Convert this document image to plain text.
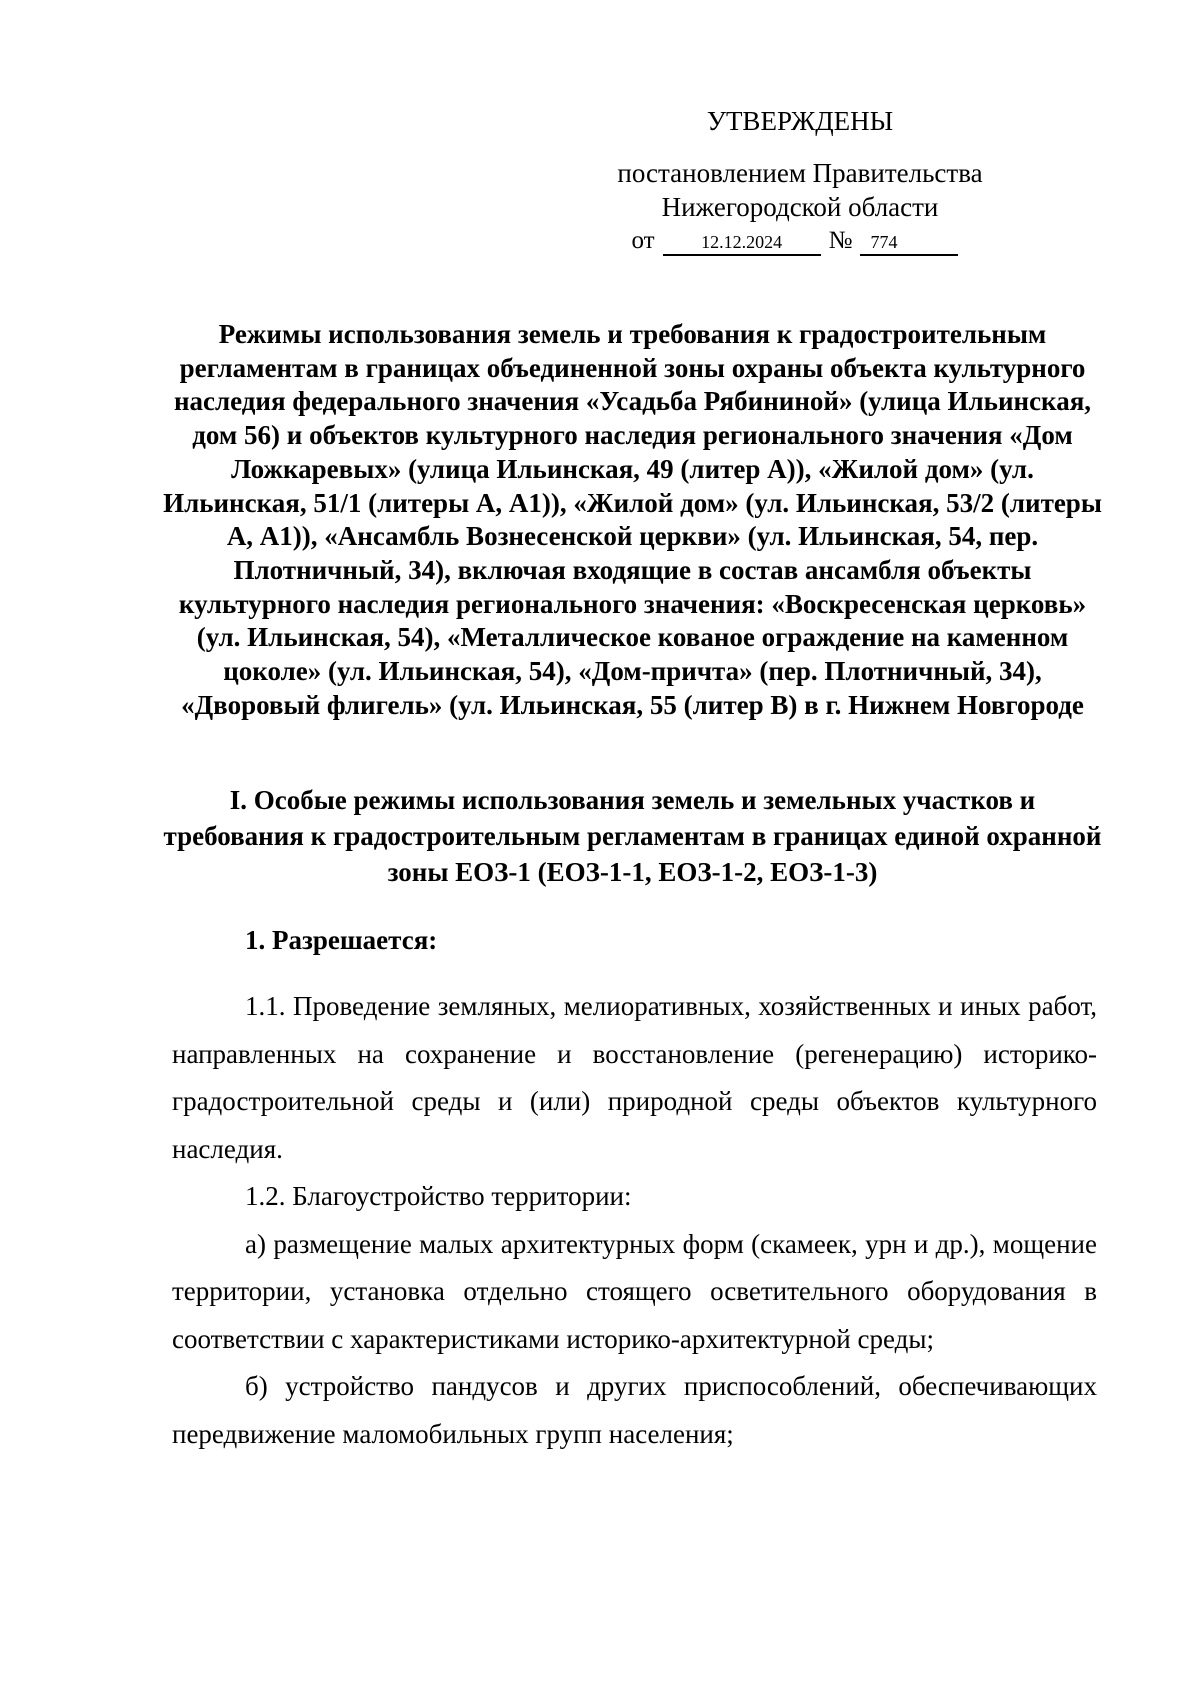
УТВЕРЖДЕНЫ
постановлением Правительства
Нижегородской области
от	12.12.2024 № 774
Режимы использования земель и требования к градостроительным регламентам в границах объединенной зоны охраны объекта культурного наследия федерального значения «Усадьба Рябининой» (улица Ильинская, дом 56) и объектов культурного наследия регионального значения «Дом Ложкаревых» (улица Ильинская, 49 (литер А)), «Жилой дом» (ул. Ильинская, 51/1 (литеры А, А1)), «Жилой дом» (ул. Ильинская, 53/2 (литеры А, А1)), «Ансамбль Вознесенской церкви» (ул. Ильинская, 54, пер. Плотничный, 34), включая входящие в состав ансамбля объекты культурного наследия регионального значения: «Воскресенская церковь» (ул. Ильинская, 54), «Металлическое кованое ограждение на каменном цоколе» (ул. Ильинская, 54), «Дом-причта» (пер. Плотничный, 34), «Дворовый флигель» (ул. Ильинская, 55 (литер В) в г. Нижнем Новгороде
I. Особые режимы использования земель и земельных участков и требования к градостроительным регламентам в границах единой охранной зоны ЕОЗ-1 (ЕОЗ-1-1, ЕОЗ-1-2, ЕОЗ-1-3)
1. Разрешается:

1.1. Проведение земляных, мелиоративных, хозяйственных и иных работ, направленных на сохранение и восстановление (регенерацию) историко-градостроительной среды и (или) природной среды объектов культурного наследия.

1.2. Благоустройство территории:

а) размещение малых архитектурных форм (скамеек, урн и др.), мощение территории, установка отдельно стоящего осветительного оборудования в соответствии с характеристиками историко-архитектурной среды;

б) устройство пандусов и других приспособлений, обеспечивающих передвижение маломобильных групп населения;
